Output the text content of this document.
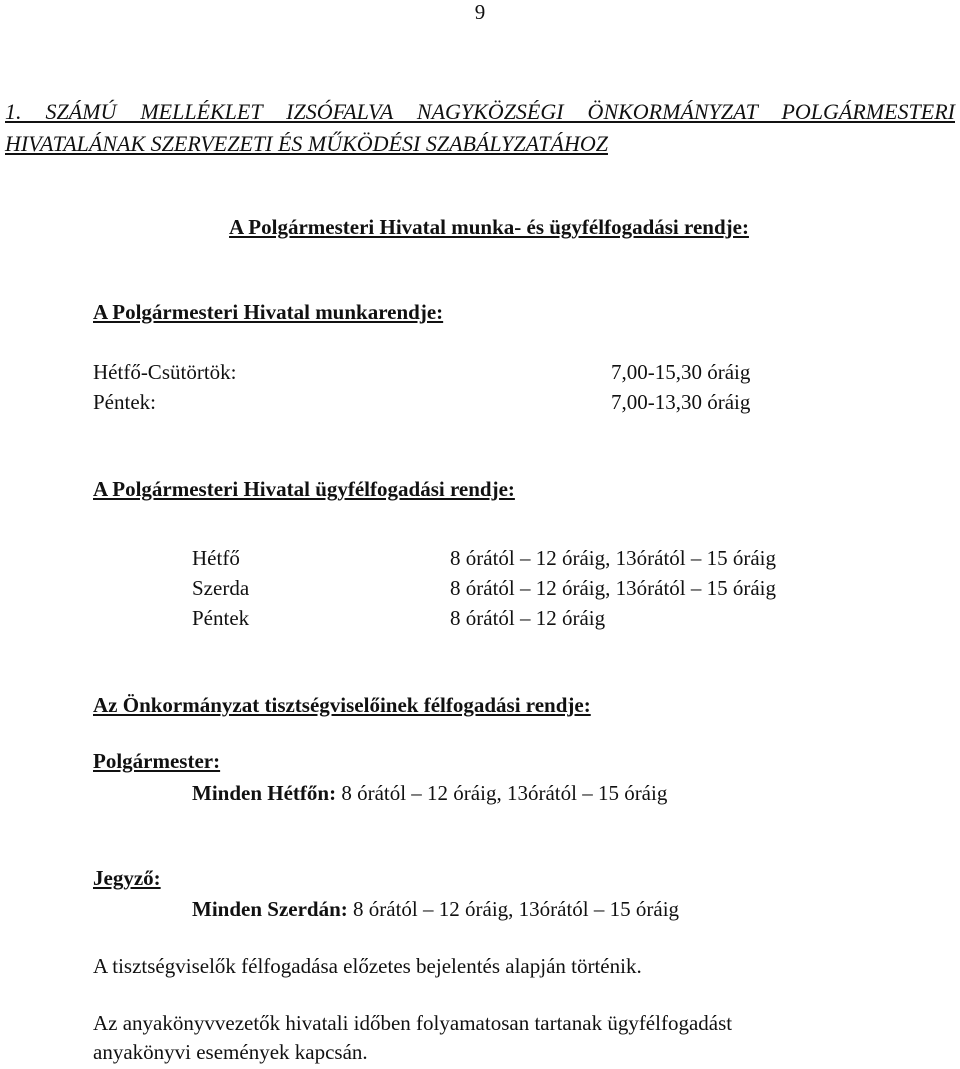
9
1. SZÁMÚ MELLÉKLET IZSÓFALVA NAGYKÖZSÉGI ÖNKORMÁNYZAT POLGÁRMESTERI HIVATALÁNAK SZERVEZETI ÉS MŰKÖDÉSI SZABÁLYZATÁHOZ
A Polgármesteri Hivatal munka- és ügyfélfogadási rendje:
A Polgármesteri Hivatal munkarendje:
Hétfő-Csütörtök:	7,00-15,30 óráig
Péntek:	7,00-13,30 óráig
A Polgármesteri Hivatal ügyfélfogadási rendje:
Hétfő	8 órától – 12 óráig, 13órától – 15 óráig
Szerda	8 órától – 12 óráig, 13órától – 15 óráig
Péntek	8 órától – 12 óráig
Az Önkormányzat tisztségviselőinek félfogadási rendje:
Polgármester:
Minden Hétfőn: 8 órától – 12 óráig, 13órától – 15 óráig
Jegyző:
Minden Szerdán: 8 órától – 12 óráig, 13órától – 15 óráig
A tisztségviselők félfogadása előzetes bejelentés alapján történik.
Az anyakönyvvezetők hivatali időben folyamatosan tartanak ügyfélfogadást
anyakönyvi események kapcsán.
